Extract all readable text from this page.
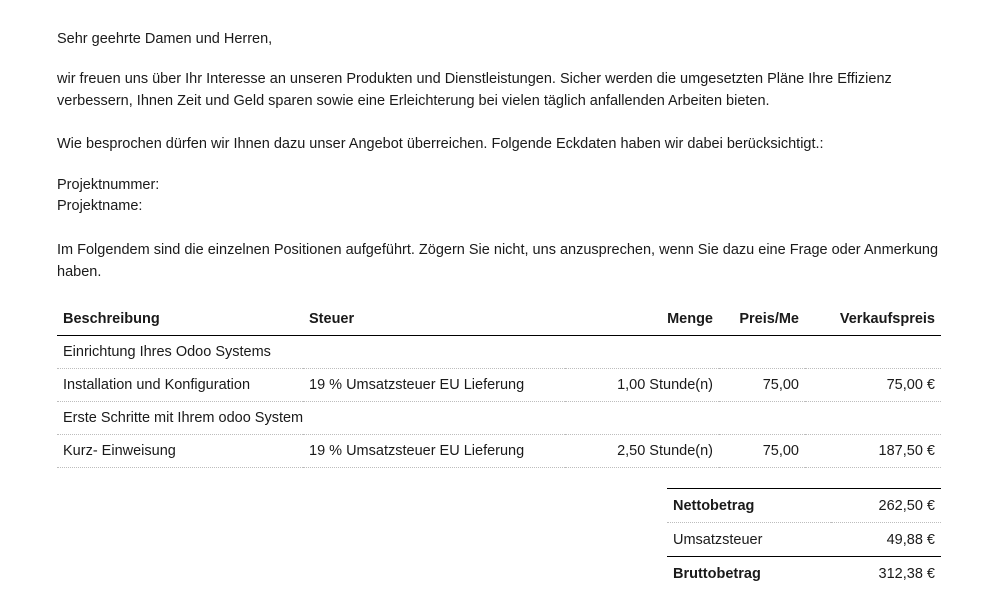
Sehr geehrte Damen und Herren,

wir freuen uns über Ihr Interesse an unseren Produkten und Dienstleistungen. Sicher werden die umgesetzten Pläne Ihre Effizienz verbessern, Ihnen Zeit und Geld sparen sowie eine Erleichterung bei vielen täglich anfallenden Arbeiten bieten.

Wie besprochen dürfen wir Ihnen dazu unser Angebot überreichen. Folgende Eckdaten haben wir dabei berücksichtigt.:

Projektnummer:
Projektname:

Im Folgendem sind die einzelnen Positionen aufgeführt. Zögern Sie nicht, uns anzusprechen, wenn Sie dazu eine Frage oder Anmerkung haben.

Beschreibung	Steuer	Menge	Preis/Me	Verkaufspreis
Einrichtung Ihres Odoo Systems				
Installation und Konfiguration	19 % Umsatzsteuer EU Lieferung	1,00 Stunde(n)	75,00	75,00 €
Erste Schritte mit Ihrem odoo System				
Kurz- Einweisung	19 % Umsatzsteuer EU Lieferung	2,50 Stunde(n)	75,00	187,50 €
Nettobetrag	262,50 €
Umsatzsteuer	49,88 €
Bruttobetrag	312,38 €
